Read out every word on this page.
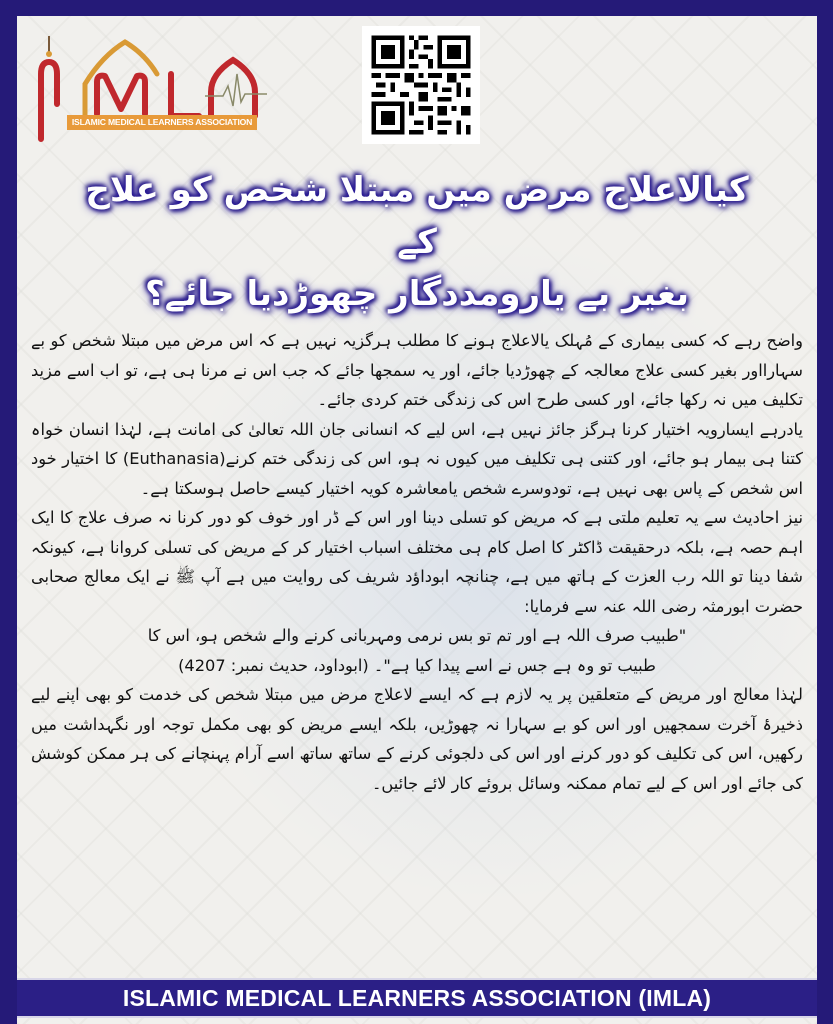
ISLAMIC MEDICAL LEARNERS ASSOCIATION
کیالاعلاج مرض میں مبتلا شخص کو علاج کے
بغیر بے یارومددگار چھوڑدیا جائے؟

واضح رہے کہ کسی بیماری کے مُہلک یالاعلاج ہونے کا مطلب ہرگزیہ نہیں ہے کہ اس مرض میں مبتلا شخص کو بے سہارااور بغیر کسی علاج معالجہ کے چھوڑدیا جائے، اور یہ سمجھا جائے کہ جب اس نے مرنا ہی ہے، تو اب اسے مزید تکلیف میں نہ رکھا جائے، اور کسی طرح اس کی زندگی ختم کردی جائے۔

یادرہے ایسارویہ اختیار کرنا ہرگز جائز نہیں ہے، اس لیے کہ انسانی جان اللہ تعالیٰ کی امانت ہے، لہٰذا انسان خواہ کتنا ہی بیمار ہو جائے، اور کتنی ہی تکلیف میں کیوں نہ ہو، اس کی زندگی ختم کرنے(Euthanasia) کا اختیار خود اس شخص کے پاس بھی نہیں ہے، تودوسرے شخص یامعاشرہ کویہ اختیار کیسے حاصل ہوسکتا ہے۔

نیز احادیث سے یہ تعلیم ملتی ہے کہ مریض کو تسلی دینا اور اس کے ڈر اور خوف کو دور کرنا نہ صرف علاج کا ایک اہم حصہ ہے، بلکہ درحقیقت ڈاکٹر کا اصل کام ہی مختلف اسباب اختیار کر کے مریض کی تسلی کروانا ہے، کیونکہ شفا دینا تو اللہ رب العزت کے ہاتھ میں ہے، چنانچہ ابوداؤد شریف کی روایت میں ہے آپ ﷺ نے ایک معالج صحابی حضرت ابورمثہ رضی اللہ عنہ سے فرمایا:

"طبیب صرف اللہ ہے اور تم تو بس نرمی ومہربانی کرنے والے شخص ہو، اس کا

طبیب تو وہ ہے جس نے اسے پیدا کیا ہے"۔ (ابوداود، حدیث نمبر: 4207)

لہٰذا معالج اور مریض کے متعلقین پر یہ لازم ہے کہ ایسے لاعلاج مرض میں مبتلا شخص کی خدمت کو بھی اپنے لیے ذخیرۂ آخرت سمجھیں اور اس کو بے سہارا نہ چھوڑیں، بلکہ ایسے مریض کو بھی مکمل توجہ اور نگہداشت میں رکھیں، اس کی تکلیف کو دور کرنے اور اس کی دلجوئی کرنے کے ساتھ ساتھ اسے آرام پہنچانے کی ہر ممکن کوشش کی جائے اور اس کے لیے تمام ممکنہ وسائل بروئے کار لائے جائیں۔

ISLAMIC MEDICAL LEARNERS ASSOCIATION (IMLA)
